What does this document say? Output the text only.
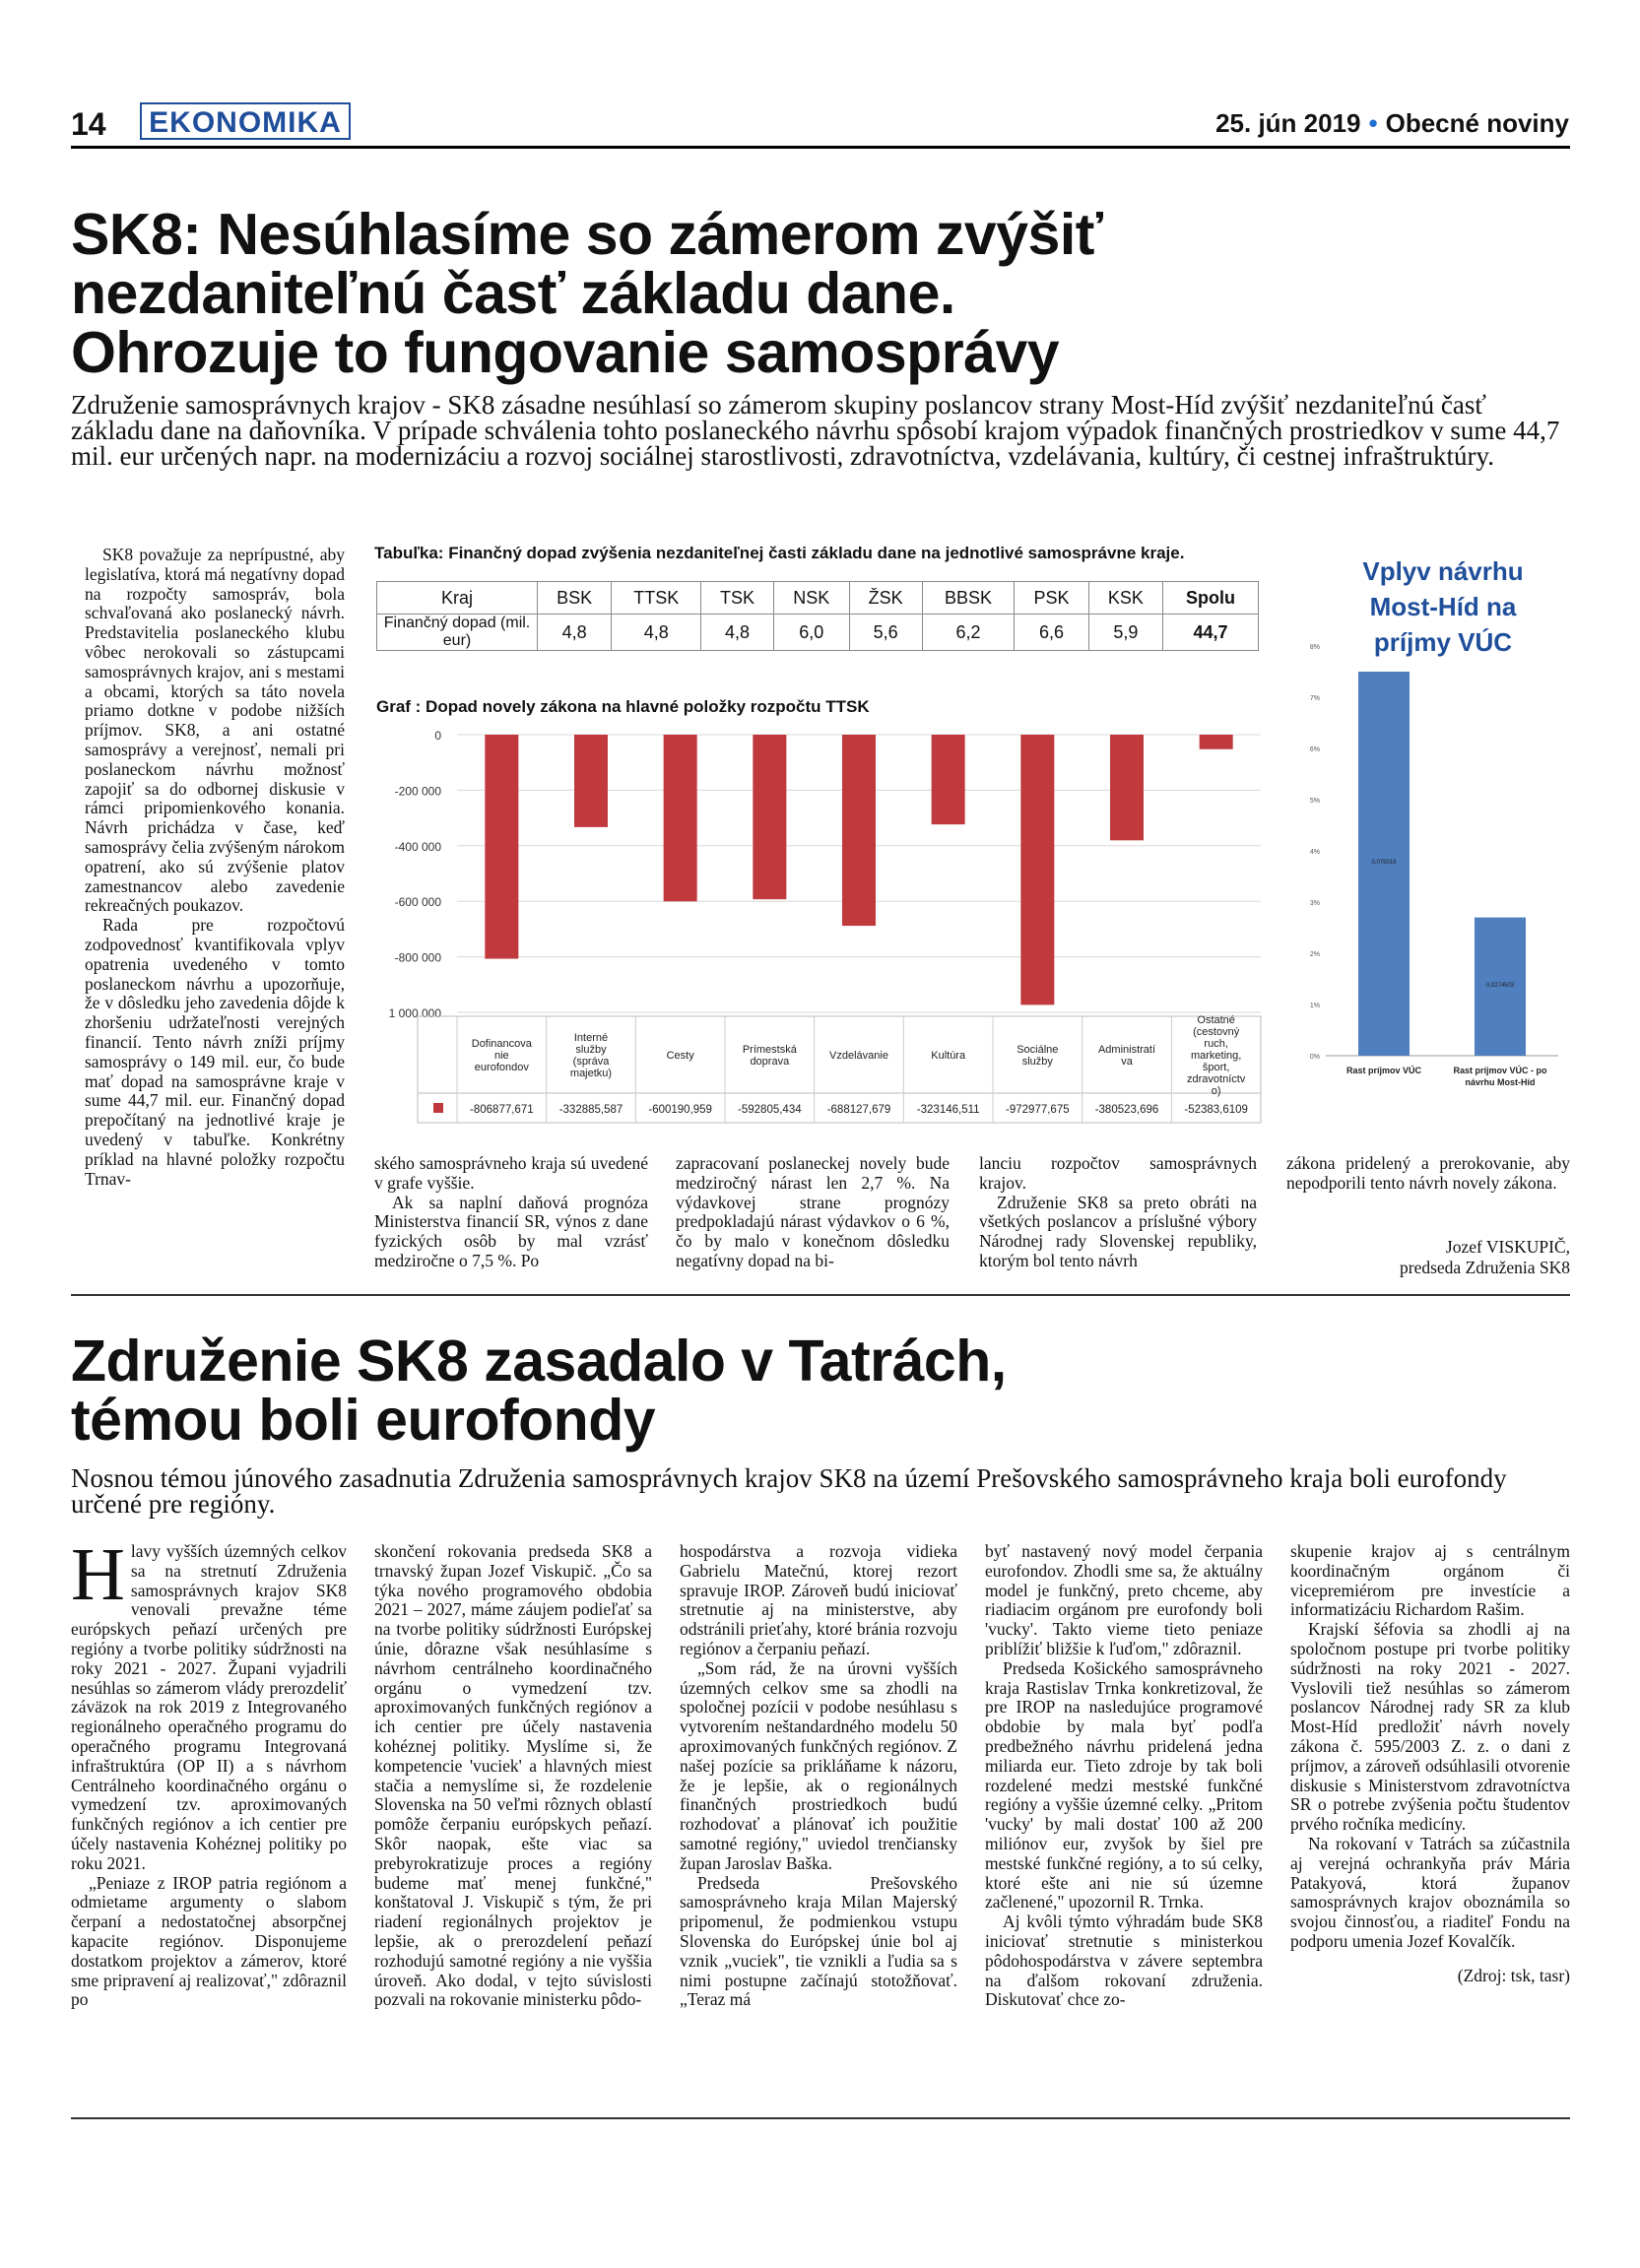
14	EKONOMIKA	25. jún 2019 • Obecné noviny
SK8: Nesúhlasíme so zámerom zvýšiť
nezdaniteľnú časť základu dane.
Ohrozuje to fungovanie samosprávy
Združenie samosprávnych krajov - SK8 zásadne nesúhlasí so zámerom skupiny poslancov strany Most-Híd zvýšiť nezdaniteľnú časť základu dane na daňovníka. V prípade schválenia tohto poslaneckého návrhu spôsobí krajom výpadok finančných prostriedkov v sume 44,7 mil. eur určených napr. na modernizáciu a rozvoj sociálnej starostlivosti, zdravotníctva, vzdelávania, kultúry, či cestnej infraštruktúry.

SK8 považuje za neprípustné, aby legislatíva, ktorá má negatívny dopad na rozpočty samospráv, bola schvaľovaná ako poslanecký návrh. Predstavitelia poslaneckého klubu vôbec nerokovali so zástupcami samosprávnych krajov, ani s mestami a obcami, ktorých sa táto novela priamo dotkne v podobe nižších príjmov. SK8, a ani ostatné samosprávy a verejnosť, nemali pri poslaneckom návrhu možnosť zapojiť sa do odbornej diskusie v rámci pripomienkového konania. Návrh prichádza v čase, keď samosprávy čelia zvýšeným nárokom opatrení, ako sú zvýšenie platov zamestnancov alebo zavedenie rekreačných poukazov.

Rada pre rozpočtovú zodpovednosť kvantifikovala vplyv opatrenia uvedeného v tomto poslaneckom návrhu a upozorňuje, že v dôsledku jeho zavedenia dôjde k zhoršeniu udržateľnosti verejných financií. Tento návrh zníži príjmy samosprávy o 149 mil. eur, čo bude mať dopad na samosprávne kraje v sume 44,7 mil. eur. Finančný dopad prepočítaný na jednotlivé kraje je uvedený v tabuľke. Konkrétny príklad na hlavné položky rozpočtu Trnav-

Tabuľka: Finančný dopad zvýšenia nezdaniteľnej časti základu dane na jednotlivé samosprávne kraje.
Kraj	BSK	TTSK	TSK	NSK	ŽSK	BBSK	PSK	KSK	Spolu
Finančný dopad (mil. eur)	4,8	4,8	4,8	6,0	5,6	6,2	6,6	5,9	44,7
Graf : Dopad novely zákona na hlavné položky rozpočtu TTSK
0
-200 000
-400 000
-600 000
-800 000
1 000 000
Dofinancova nie eurofondov
-806877,671
Interné služby (správa majetku)
-332885,587
Cesty
-600190,959
Prímestská doprava
-592805,434
Vzdelávanie
-688127,679
Kultúra
-323146,511
Sociálne služby
-972977,675
Administratí va
-380523,696
Ostatné (cestovný ruch, marketing, šport, zdravotníctv o)
-52383,6109
Vplyv návrhu Most-Híd na príjmy VÚC
0%
1%
2%
3%
4%
5%
6%
7%
8%
0,075018
Rast príjmov VÚC
0,0274503
Rast príjmov VÚC - po návrhu Most-Híd

ského samosprávneho kraja sú uvedené v grafe vyššie.

Ak sa naplní daňová prognóza Ministerstva financií SR, výnos z dane fyzických osôb by mal vzrásť medziročne o 7,5 %. Po

zapracovaní poslaneckej novely bude medziročný nárast len 2,7 %. Na výdavkovej strane prognózy predpokladajú nárast výdavkov o 6 %, čo by malo v konečnom dôsledku negatívny dopad na bi-

lanciu rozpočtov samosprávnych krajov.

Združenie SK8 sa preto obráti na všetkých poslancov a príslušné výbory Národnej rady Slovenskej republiky, ktorým bol tento návrh

zákona pridelený a prerokovanie, aby nepodporili tento návrh novely zákona.

Jozef VISKUPIČ,
predseda Združenia SK8
Združenie SK8 zasadalo v Tatrách,
témou boli eurofondy
Nosnou témou júnového zasadnutia Združenia samosprávnych krajov SK8 na území Prešovského samosprávneho kraja boli eurofondy určené pre regióny.

Hlavy vyšších územných celkov sa na stretnutí Združenia samosprávnych krajov SK8 venovali prevažne téme európskych peňazí určených pre regióny a tvorbe politiky súdržnosti na roky 2021 - 2027. Župani vyjadrili nesúhlas so zámerom vlády prerozdeliť záväzok na rok 2019 z Integrovaného regionálneho operačného programu do operačného programu Integrovaná infraštruktúra (OP II) a s návrhom Centrálneho koordinačného orgánu o vymedzení tzv. aproximovaných funkčných regiónov a ich centier pre účely nastavenia Kohéznej politiky po roku 2021.

„Peniaze z IROP patria regiónom a odmietame argumenty o slabom čerpaní a nedostatočnej absorpčnej kapacite regiónov. Disponujeme dostatkom projektov a zámerov, ktoré sme pripravení aj realizovať," zdôraznil po

skončení rokovania predseda SK8 a trnavský župan Jozef Viskupič. „Čo sa týka nového programového obdobia 2021 – 2027, máme záujem podieľať sa na tvorbe politiky súdržnosti Európskej únie, dôrazne však nesúhlasíme s návrhom centrálneho koordinačného orgánu o vymedzení tzv. aproximovaných funkčných regiónov a ich centier pre účely nastavenia kohéznej politiky. Myslíme si, že kompetencie 'vuciek' a hlavných miest stačia a nemyslíme si, že rozdelenie Slovenska na 50 veľmi rôznych oblastí pomôže čerpaniu európskych peňazí. Skôr naopak, ešte viac sa prebyrokratizuje proces a regióny budeme mať menej funkčné," konštatoval J. Viskupič s tým, že pri riadení regionálnych projektov je lepšie, ak o prerozdelení peňazí rozhodujú samotné regióny a nie vyššia úroveň. Ako dodal, v tejto súvislosti pozvali na rokovanie ministerku pôdo-

hospodárstva a rozvoja vidieka Gabrielu Matečnú, ktorej rezort spravuje IROP. Zároveň budú iniciovať stretnutie aj na ministerstve, aby odstránili prieťahy, ktoré bránia rozvoju regiónov a čerpaniu peňazí.

„Som rád, že na úrovni vyšších územných celkov sme sa zhodli na spoločnej pozícii v podobe nesúhlasu s vytvorením neštandardného modelu 50 aproximovaných funkčných regiónov. Z našej pozície sa prikláňame k názoru, že je lepšie, ak o regionálnych finančných prostriedkoch budú rozhodovať a plánovať ich použitie samotné regióny," uviedol trenčiansky župan Jaroslav Baška.

Predseda Prešovského samosprávneho kraja Milan Majerský pripomenul, že podmienkou vstupu Slovenska do Európskej únie bol aj vznik „vuciek", tie vznikli a ľudia sa s nimi postupne začínajú stotožňovať. „Teraz má

byť nastavený nový model čerpania eurofondov. Zhodli sme sa, že aktuálny model je funkčný, preto chceme, aby riadiacim orgánom pre eurofondy boli 'vucky'. Takto vieme tieto peniaze priblížiť bližšie k ľuďom," zdôraznil.

Predseda Košického samosprávneho kraja Rastislav Trnka konkretizoval, že pre IROP na nasledujúce programové obdobie by mala byť podľa predbežného návrhu pridelená jedna miliarda eur. Tieto zdroje by tak boli rozdelené medzi mestské funkčné regióny a vyššie územné celky. „Pritom 'vucky' by mali dostať 100 až 200 miliónov eur, zvyšok by šiel pre mestské funkčné regióny, a to sú celky, ktoré ešte ani nie sú územne začlenené," upozornil R. Trnka.

Aj kvôli týmto výhradám bude SK8 iniciovať stretnutie s ministerkou pôdohospodárstva v závere septembra na ďalšom rokovaní združenia. Diskutovať chce zo-

skupenie krajov aj s centrálnym koordinačným orgánom či vicepremiérom pre investície a informatizáciu Richardom Rašim.

Krajskí šéfovia sa zhodli aj na spoločnom postupe pri tvorbe politiky súdržnosti na roky 2021 - 2027. Vyslovili tiež nesúhlas so zámerom poslancov Národnej rady SR za klub Most-Híd predložiť návrh novely zákona č. 595/2003 Z. z. o dani z príjmov, a zároveň odsúhlasili otvorenie diskusie s Ministerstvom zdravotníctva SR o potrebe zvýšenia počtu študentov prvého ročníka medicíny.

Na rokovaní v Tatrách sa zúčastnila aj verejná ochrankyňa práv Mária Patakyová, ktorá županov samosprávnych krajov oboznámila so svojou činnosťou, a riaditeľ Fondu na podporu umenia Jozef Kovalčík.

(Zdroj: tsk, tasr)
